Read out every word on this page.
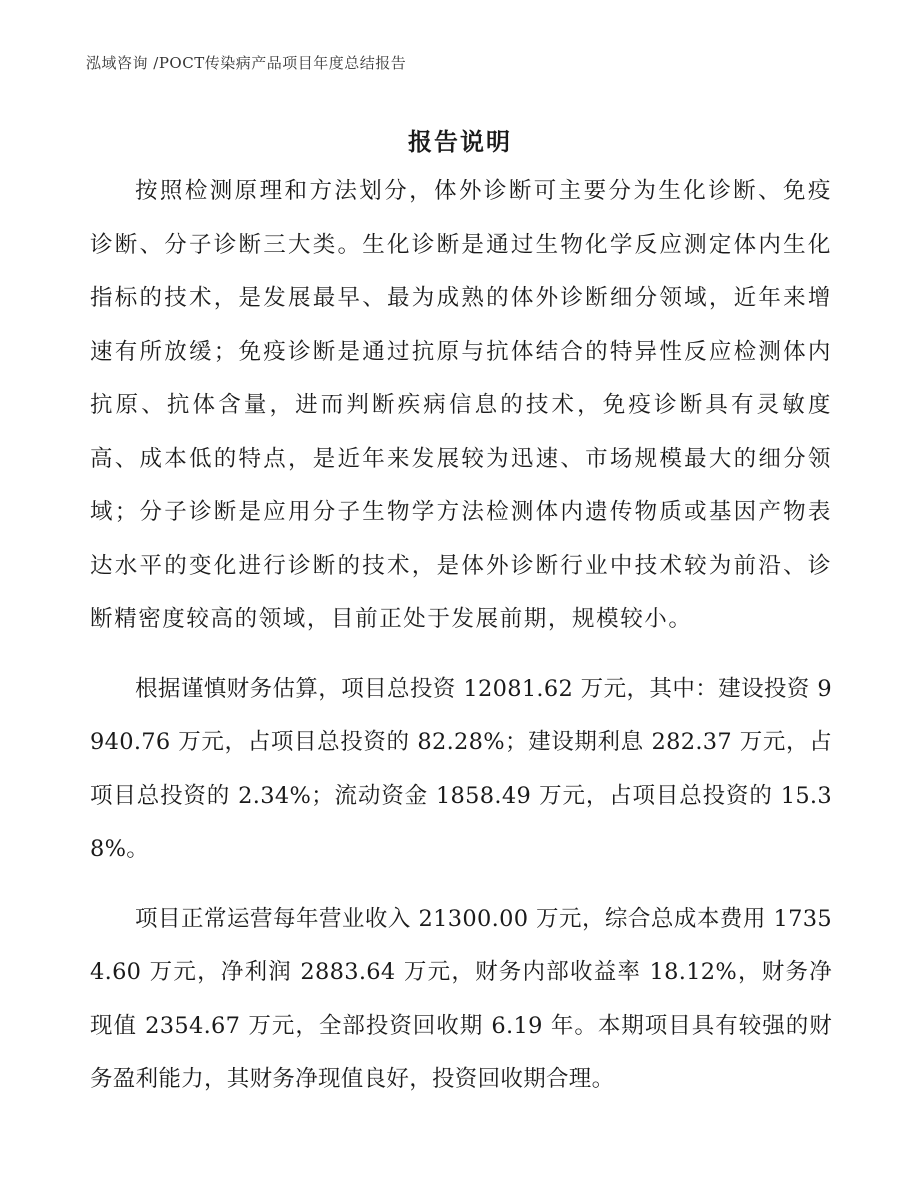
泓域咨询 /POCT传染病产品项目年度总结报告
报告说明

按照检测原理和方法划分，体外诊断可主要分为生化诊断、免疫诊断、分子诊断三大类。生化诊断是通过生物化学反应测定体内生化指标的技术，是发展最早、最为成熟的体外诊断细分领域，近年来增速有所放缓；免疫诊断是通过抗原与抗体结合的特异性反应检测体内抗原、抗体含量，进而判断疾病信息的技术，免疫诊断具有灵敏度高、成本低的特点，是近年来发展较为迅速、市场规模最大的细分领域；分子诊断是应用分子生物学方法检测体内遗传物质或基因产物表达水平的变化进行诊断的技术，是体外诊断行业中技术较为前沿、诊断精密度较高的领域，目前正处于发展前期，规模较小。

根据谨慎财务估算，项目总投资 12081.62 万元，其中：建设投资 9940.76 万元，占项目总投资的 82.28%；建设期利息 282.37 万元，占项目总投资的 2.34%；流动资金 1858.49 万元，占项目总投资的 15.38%。

项目正常运营每年营业收入 21300.00 万元，综合总成本费用 17354.60 万元，净利润 2883.64 万元，财务内部收益率 18.12%，财务净现值 2354.67 万元，全部投资回收期 6.19 年。本期项目具有较强的财务盈利能力，其财务净现值良好，投资回收期合理。
